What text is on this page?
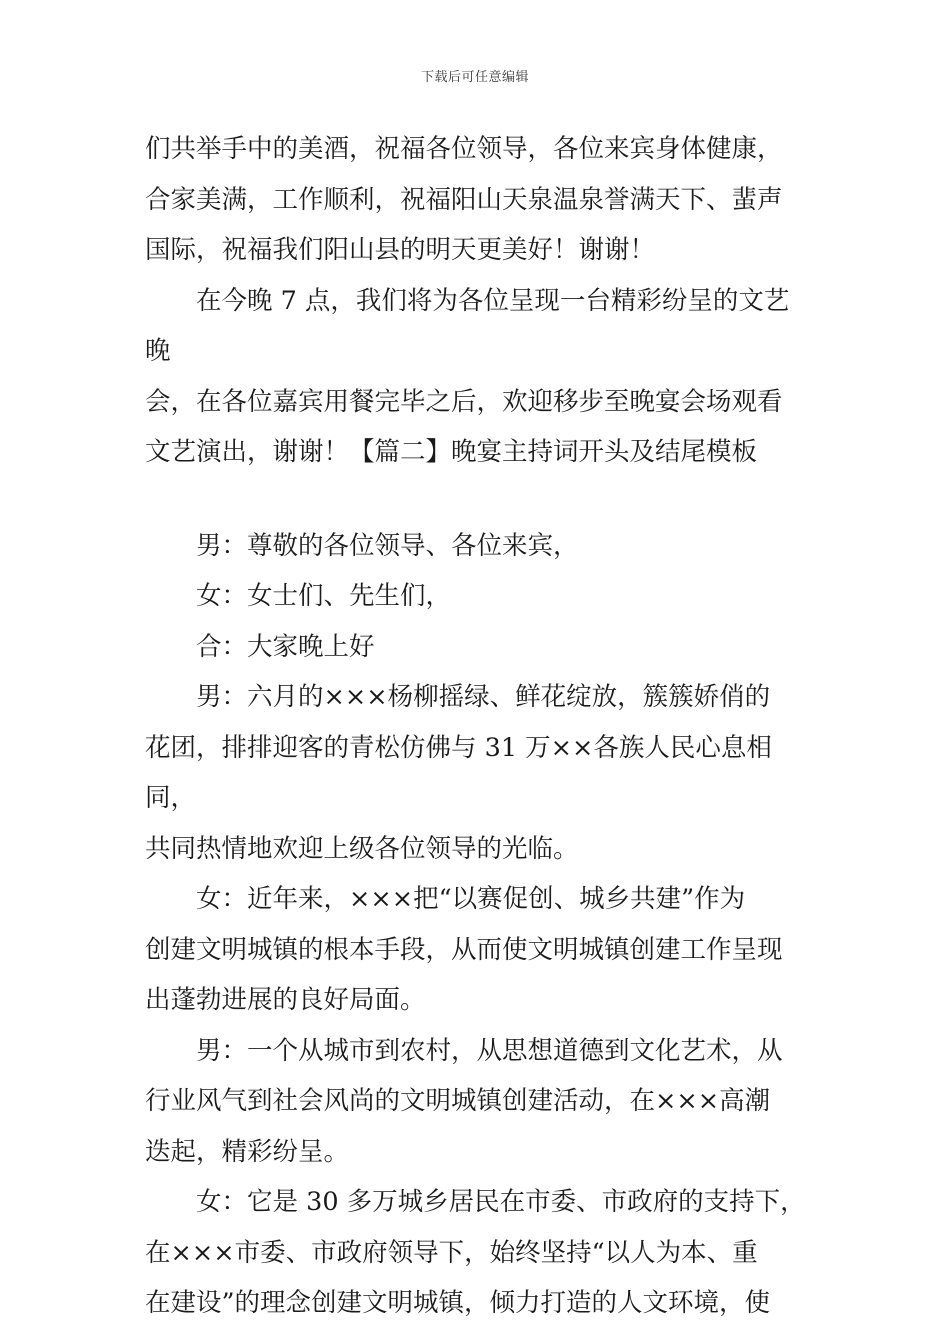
下载后可任意编辑

们共举手中的美酒，祝福各位领导，各位来宾身体健康，

合家美满，工作顺利，祝福阳山天泉温泉誉满天下、蜚声

国际，祝福我们阳山县的明天更美好！谢谢！

　　在今晚 7 点，我们将为各位呈现一台精彩纷呈的文艺晚

会，在各位嘉宾用餐完毕之后，欢迎移步至晚宴会场观看

文艺演出，谢谢！【篇二】晚宴主持词开头及结尾模板

　　男：尊敬的各位领导、各位来宾，

　　女：女士们、先生们，

　　合：大家晚上好

　　男：六月的×××杨柳摇绿、鲜花绽放，簇簇娇俏的

花团，排排迎客的青松仿佛与 31 万××各族人民心息相同，

共同热情地欢迎上级各位领导的光临。

　　女：近年来，×××把“以赛促创、城乡共建”作为

创建文明城镇的根本手段，从而使文明城镇创建工作呈现

出蓬勃进展的良好局面。

　　男：一个从城市到农村，从思想道德到文化艺术，从

行业风气到社会风尚的文明城镇创建活动，在×××高潮

迭起，精彩纷呈。

　　女：它是 30 多万城乡居民在市委、市政府的支持下，

在×××市委、市政府领导下，始终坚持“以人为本、重

在建设”的理念创建文明城镇，倾力打造的人文环境，使
